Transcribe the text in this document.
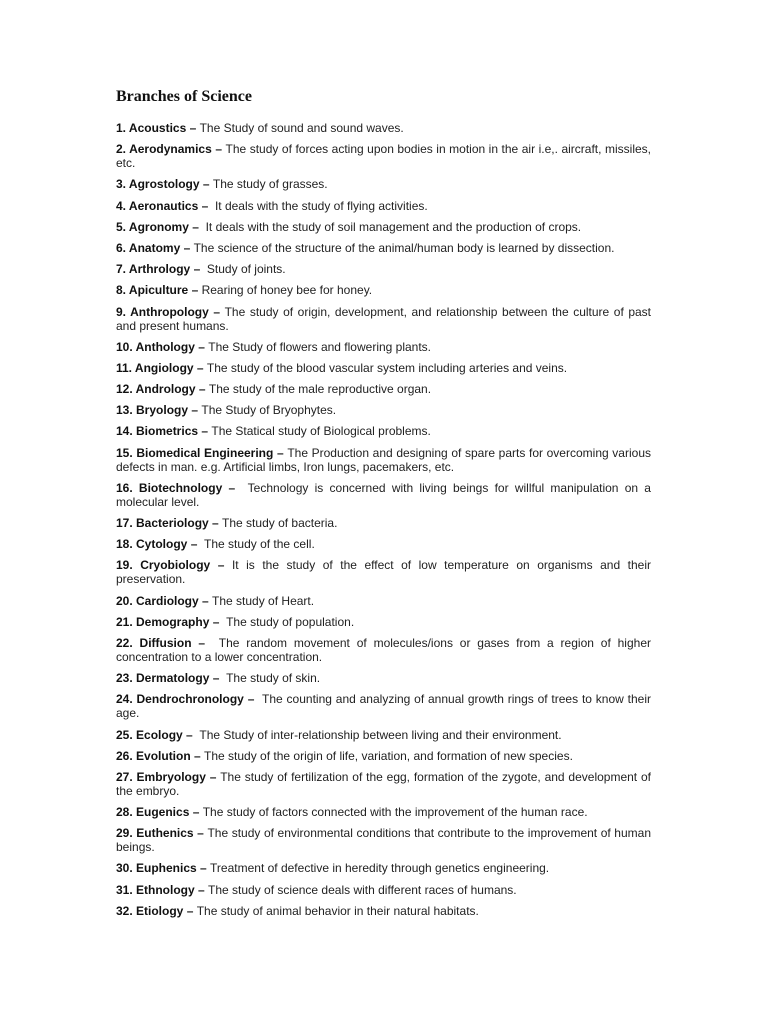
Branches of Science
1. Acoustics – The Study of sound and sound waves.
2. Aerodynamics – The study of forces acting upon bodies in motion in the air i.e,. aircraft, missiles, etc.
3. Agrostology – The study of grasses.
4. Aeronautics –  It deals with the study of flying activities.
5. Agronomy –  It deals with the study of soil management and the production of crops.
6. Anatomy – The science of the structure of the animal/human body is learned by dissection.
7. Arthrology –  Study of joints.
8. Apiculture – Rearing of honey bee for honey.
9. Anthropology – The study of origin, development, and relationship between the culture of past and present humans.
10. Anthology – The Study of flowers and flowering plants.
11. Angiology – The study of the blood vascular system including arteries and veins.
12. Andrology – The study of the male reproductive organ.
13. Bryology – The Study of Bryophytes.
14. Biometrics – The Statical study of Biological problems.
15. Biomedical Engineering – The Production and designing of spare parts for overcoming various defects in man. e.g. Artificial limbs, Iron lungs, pacemakers, etc.
16. Biotechnology –  Technology is concerned with living beings for willful manipulation on a molecular level.
17. Bacteriology – The study of bacteria.
18. Cytology –  The study of the cell.
19. Cryobiology – It is the study of the effect of low temperature on organisms and their preservation.
20. Cardiology – The study of Heart.
21. Demography –  The study of population.
22. Diffusion –  The random movement of molecules/ions or gases from a region of higher concentration to a lower concentration.
23. Dermatology –  The study of skin.
24. Dendrochronology –  The counting and analyzing of annual growth rings of trees to know their age.
25. Ecology –  The Study of inter-relationship between living and their environment.
26. Evolution – The study of the origin of life, variation, and formation of new species.
27. Embryology – The study of fertilization of the egg, formation of the zygote, and development of the embryo.
28. Eugenics – The study of factors connected with the improvement of the human race.
29. Euthenics – The study of environmental conditions that contribute to the improvement of human beings.
30. Euphenics – Treatment of defective in heredity through genetics engineering.
31. Ethnology – The study of science deals with different races of humans.
32. Etiology – The study of animal behavior in their natural habitats.
